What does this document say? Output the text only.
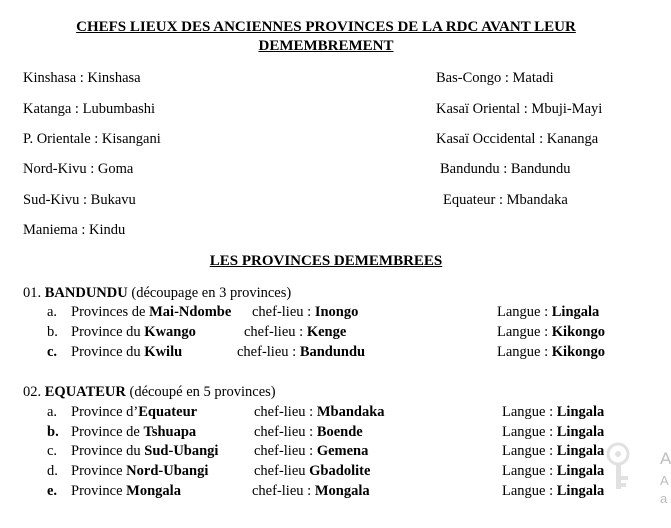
CHEFS LIEUX DES ANCIENNES PROVINCES DE LA RDC AVANT LEUR
DEMEMBREMENT
Kinshasa : Kinshasa	Bas-Congo : Matadi
Katanga : Lubumbashi	Kasaï Oriental : Mbuji-Mayi
P. Orientale : Kisangani	Kasaï Occidental : Kananga
Nord-Kivu : Goma	Bandundu : Bandundu
Sud-Kivu : Bukavu	Equateur : Mbandaka
Maniema : Kindu
LES PROVINCES DEMEMBREES
01. BANDUNDU (découpage en 3 provinces)
a. Provinces de Mai-Ndombe chef-lieu : Inongo	Langue : Lingala
b. Province du Kwango	chef-lieu : Kenge	Langue : Kikongo
c. Province du Kwilu	chef-lieu : Bandundu	Langue : Kikongo
02. EQUATEUR (découpé en 5 provinces)
a. Province d’Equateur	chef-lieu : Mbandaka	Langue : Lingala
b. Province de Tshuapa	chef-lieu : Boende	Langue : Lingala
c. Province du Sud-Ubangi chef-lieu : Gemena	Langue : Lingala
d. Province Nord-Ubangi	chef-lieu Gbadolite	Langue : Lingala
e. Province Mongala	chef-lieu : Mongala	Langue : Lingala
A
A
a
